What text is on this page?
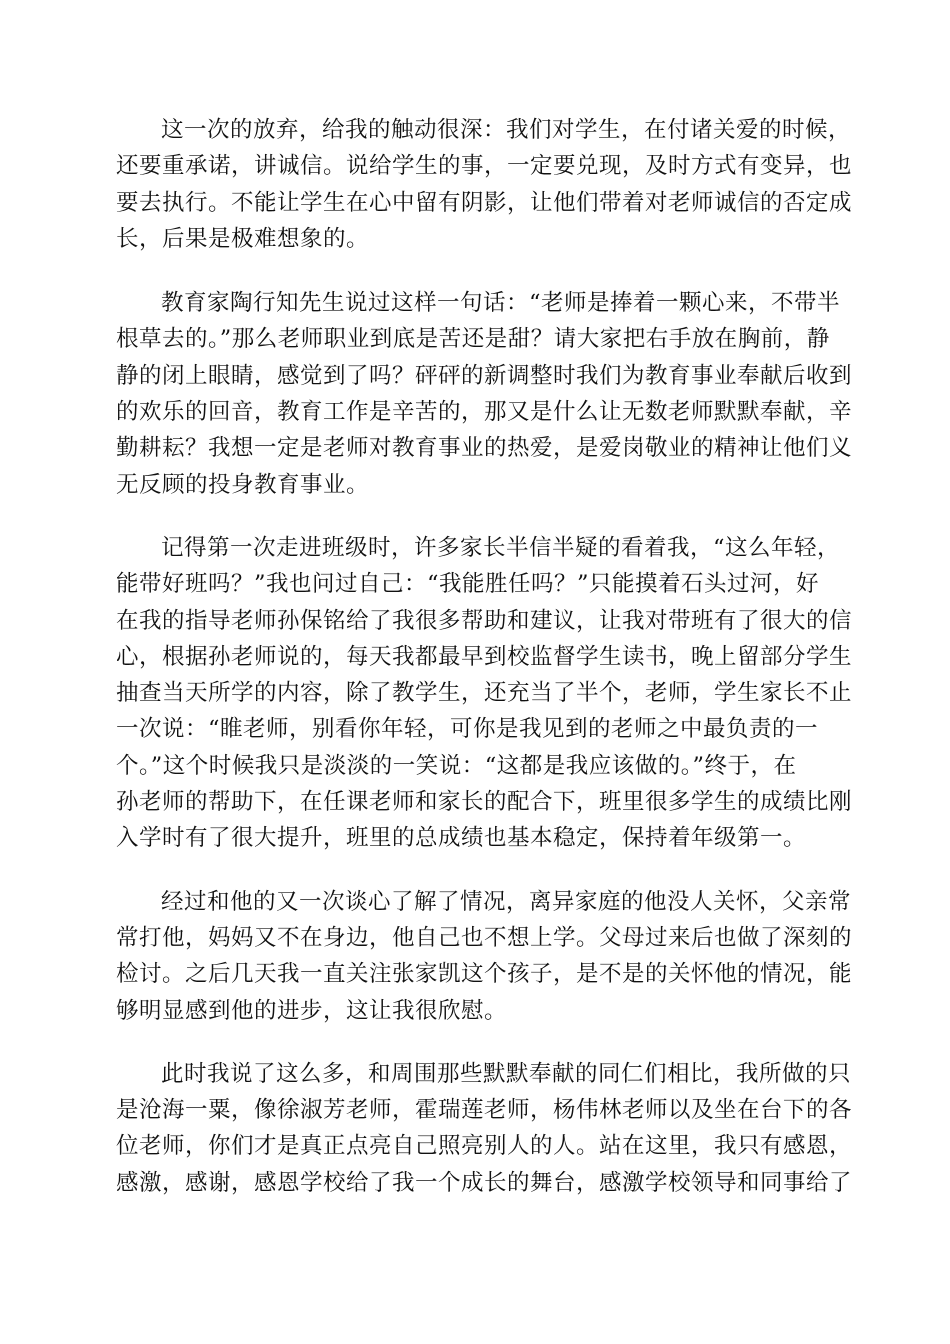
这一次的放弃，给我的触动很深：我们对学生，在付诸关爱的时候，
还要重承诺，讲诚信。说给学生的事，一定要兑现，及时方式有变异，也
要去执行。不能让学生在心中留有阴影，让他们带着对老师诚信的否定成
长，后果是极难想象的。

教育家陶行知先生说过这样一句话：“老师是捧着一颗心来，不带半
根草去的。”那么老师职业到底是苦还是甜？请大家把右手放在胸前，静
静的闭上眼睛，感觉到了吗？砰砰的新调整时我们为教育事业奉献后收到
的欢乐的回音，教育工作是辛苦的，那又是什么让无数老师默默奉献，辛
勤耕耘？我想一定是老师对教育事业的热爱，是爱岗敬业的精神让他们义
无反顾的投身教育事业。

记得第一次走进班级时，许多家长半信半疑的看着我，“这么年轻，
能带好班吗？”我也问过自己：“我能胜任吗？”只能摸着石头过河，好
在我的指导老师孙保铭给了我很多帮助和建议，让我对带班有了很大的信
心，根据孙老师说的，每天我都最早到校监督学生读书，晚上留部分学生
抽查当天所学的内容，除了教学生，还充当了半个，老师，学生家长不止
一次说：“睢老师，别看你年轻，可你是我见到的老师之中最负责的一
个。”这个时候我只是淡淡的一笑说：“这都是我应该做的。”终于，在
孙老师的帮助下，在任课老师和家长的配合下，班里很多学生的成绩比刚
入学时有了很大提升，班里的总成绩也基本稳定，保持着年级第一。

经过和他的又一次谈心了解了情况，离异家庭的他没人关怀，父亲常
常打他，妈妈又不在身边，他自己也不想上学。父母过来后也做了深刻的
检讨。之后几天我一直关注张家凯这个孩子，是不是的关怀他的情况，能
够明显感到他的进步，这让我很欣慰。

此时我说了这么多，和周围那些默默奉献的同仁们相比，我所做的只
是沧海一粟，像徐淑芳老师，霍瑞莲老师，杨伟林老师以及坐在台下的各
位老师，你们才是真正点亮自己照亮别人的人。站在这里，我只有感恩，
感激，感谢，感恩学校给了我一个成长的舞台，感激学校领导和同事给了
